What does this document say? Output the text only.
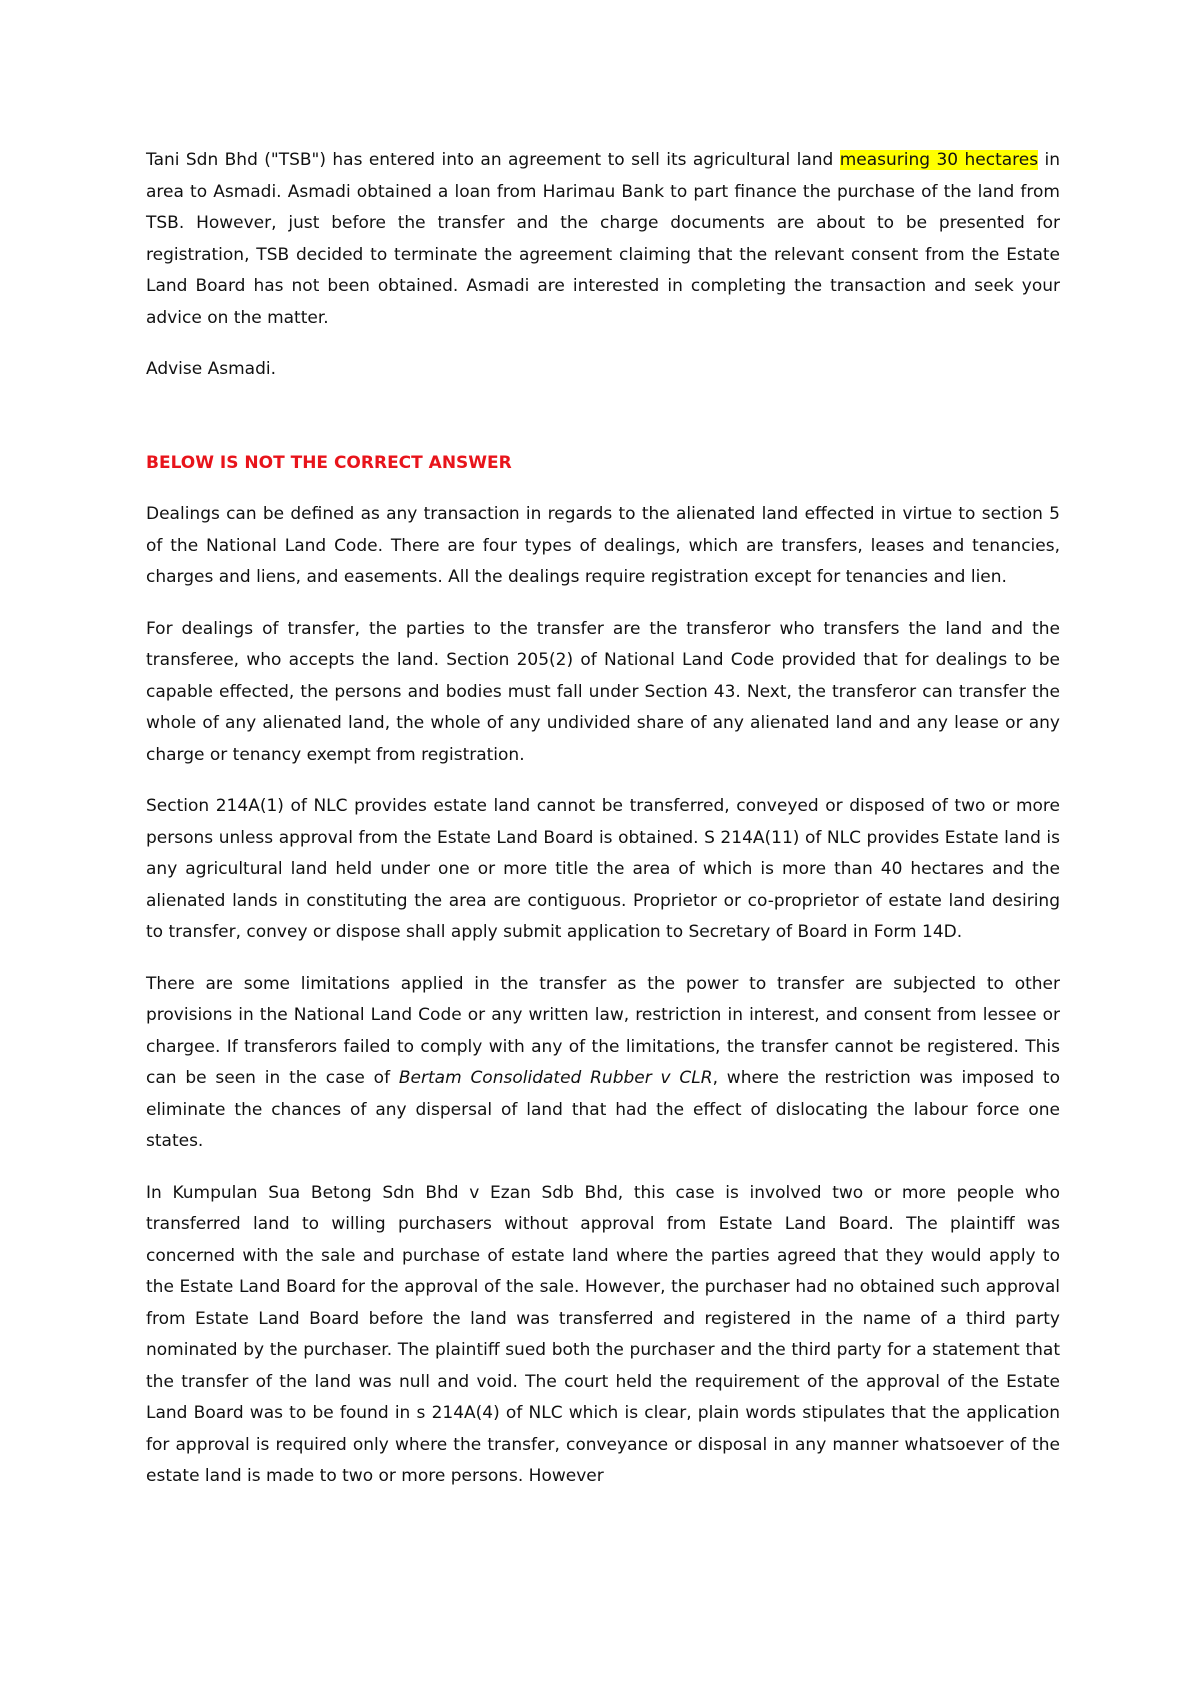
Tani Sdn Bhd ("TSB") has entered into an agreement to sell its agricultural land measuring 30 hectares in area to Asmadi. Asmadi obtained a loan from Harimau Bank to part finance the purchase of the land from TSB. However, just before the transfer and the charge documents are about to be presented for registration, TSB decided to terminate the agreement claiming that the relevant consent from the Estate Land Board has not been obtained. Asmadi are interested in completing the transaction and seek your advice on the matter.

Advise Asmadi.

BELOW IS NOT THE CORRECT ANSWER

Dealings can be defined as any transaction in regards to the alienated land effected in virtue to section 5 of the National Land Code. There are four types of dealings, which are transfers, leases and tenancies, charges and liens, and easements. All the dealings require registration except for tenancies and lien.

For dealings of transfer, the parties to the transfer are the transferor who transfers the land and the transferee, who accepts the land. Section 205(2) of National Land Code provided that for dealings to be capable effected, the persons and bodies must fall under Section 43. Next, the transferor can transfer the whole of any alienated land, the whole of any undivided share of any alienated land and any lease or any charge or tenancy exempt from registration.

Section 214A(1) of NLC provides estate land cannot be transferred, conveyed or disposed of two or more persons unless approval from the Estate Land Board is obtained. S 214A(11) of NLC provides Estate land is any agricultural land held under one or more title the area of which is more than 40 hectares and the alienated lands in constituting the area are contiguous. Proprietor or co-proprietor of estate land desiring to transfer, convey or dispose shall apply submit application to Secretary of Board in Form 14D.

There are some limitations applied in the transfer as the power to transfer are subjected to other provisions in the National Land Code or any written law, restriction in interest, and consent from lessee or chargee. If transferors failed to comply with any of the limitations, the transfer cannot be registered. This can be seen in the case of Bertam Consolidated Rubber v CLR, where the restriction was imposed to eliminate the chances of any dispersal of land that had the effect of dislocating the labour force one states.

In Kumpulan Sua Betong Sdn Bhd v Ezan Sdb Bhd, this case is involved two or more people who transferred land to willing purchasers without approval from Estate Land Board. The plaintiff was concerned with the sale and purchase of estate land where the parties agreed that they would apply to the Estate Land Board for the approval of the sale. However, the purchaser had no obtained such approval from Estate Land Board before the land was transferred and registered in the name of a third party nominated by the purchaser. The plaintiff sued both the purchaser and the third party for a statement that the transfer of the land was null and void. The court held the requirement of the approval of the Estate Land Board was to be found in s 214A(4) of NLC which is clear, plain words stipulates that the application for approval is required only where the transfer, conveyance or disposal in any manner whatsoever of the estate land is made to two or more persons. However
